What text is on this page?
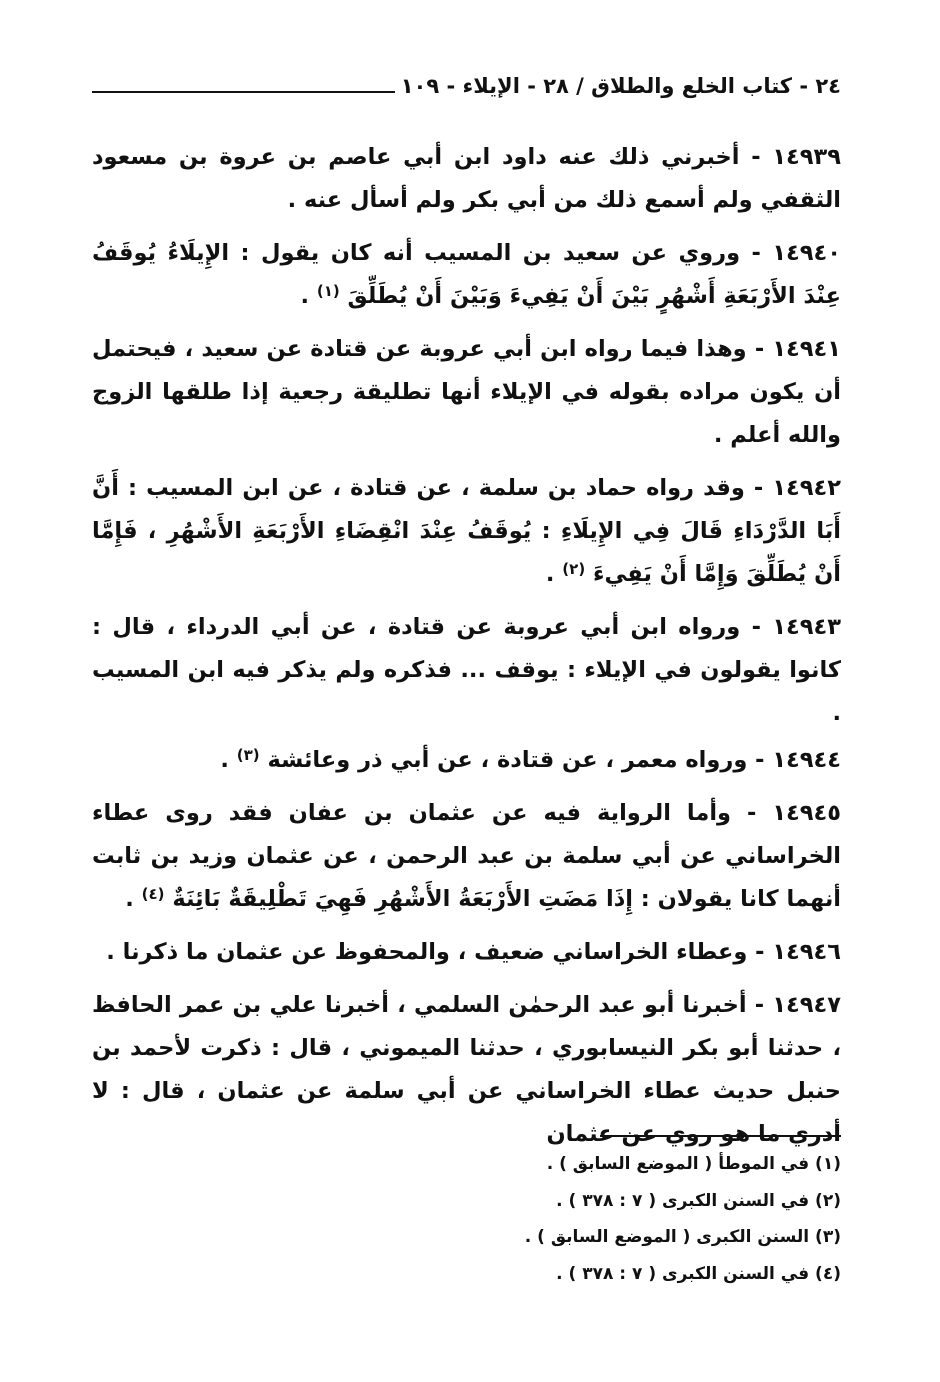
٢٤ - كتاب الخلع والطلاق / ٢٨ - الإيلاء - ١٠٩

١٤٩٣٩ - أخبرني ذلك عنه داود ابن أبي عاصم بن عروة بن مسعود الثقفي ولم أسمع ذلك من أبي بكر ولم أسأل عنه .

١٤٩٤٠ - وروي عن سعيد بن المسيب أنه كان يقول : الإِيلَاءُ يُوقَفُ عِنْدَ الأَرْبَعَةِ أَشْهُرٍ بَيْنَ أَنْ يَفِيءَ وَبَيْنَ أَنْ يُطَلِّقَ $^{(١)}$ .

١٤٩٤١ - وهذا فيما رواه ابن أبي عروبة عن قتادة عن سعيد ، فيحتمل أن يكون مراده بقوله في الإيلاء أنها تطليقة رجعية إذا طلقها الزوج والله أعلم .

١٤٩٤٢ - وقد رواه حماد بن سلمة ، عن قتادة ، عن ابن المسيب : أَنَّ أَبَا الدَّرْدَاءِ قَالَ فِي الإِيلَاءِ : يُوقَفُ عِنْدَ انْقِضَاءِ الأَرْبَعَةِ الأَشْهُرِ ، فَإِمَّا أَنْ يُطَلِّقَ وَإِمَّا أَنْ يَفِيءَ $^{(٢)}$ .

١٤٩٤٣ - ورواه ابن أبي عروبة عن قتادة ، عن أبي الدرداء ، قال : كانوا يقولون في الإيلاء : يوقف ... فذكره ولم يذكر فيه ابن المسيب .

١٤٩٤٤ - ورواه معمر ، عن قتادة ، عن أبي ذر وعائشة $^{(٣)}$ .

١٤٩٤٥ - وأما الرواية فيه عن عثمان بن عفان فقد روى عطاء الخراساني عن أبي سلمة بن عبد الرحمن ، عن عثمان وزيد بن ثابت أنهما كانا يقولان : إِذَا مَضَتِ الأَرْبَعَةُ الأَشْهُرِ فَهِيَ تَطْلِيقَةٌ بَائِنَةٌ $^{(٤)}$ .

١٤٩٤٦ - وعطاء الخراساني ضعيف ، والمحفوظ عن عثمان ما ذكرنا .

١٤٩٤٧ - أخبرنا أبو عبد الرحمٰن السلمي ، أخبرنا علي بن عمر الحافظ ، حدثنا أبو بكر النيسابوري ، حدثنا الميموني ، قال : ذكرت لأحمد بن حنبل حديث عطاء الخراساني عن أبي سلمة عن عثمان ، قال : لا أدري ما هو روي عن عثمان

(١) في الموطأ ( الموضع السابق ) .

(٢) في السنن الكبرى ( ٧ : ٣٧٨ ) .

(٣) السنن الكبرى ( الموضع السابق ) .

(٤) في السنن الكبرى ( ٧ : ٣٧٨ ) .
